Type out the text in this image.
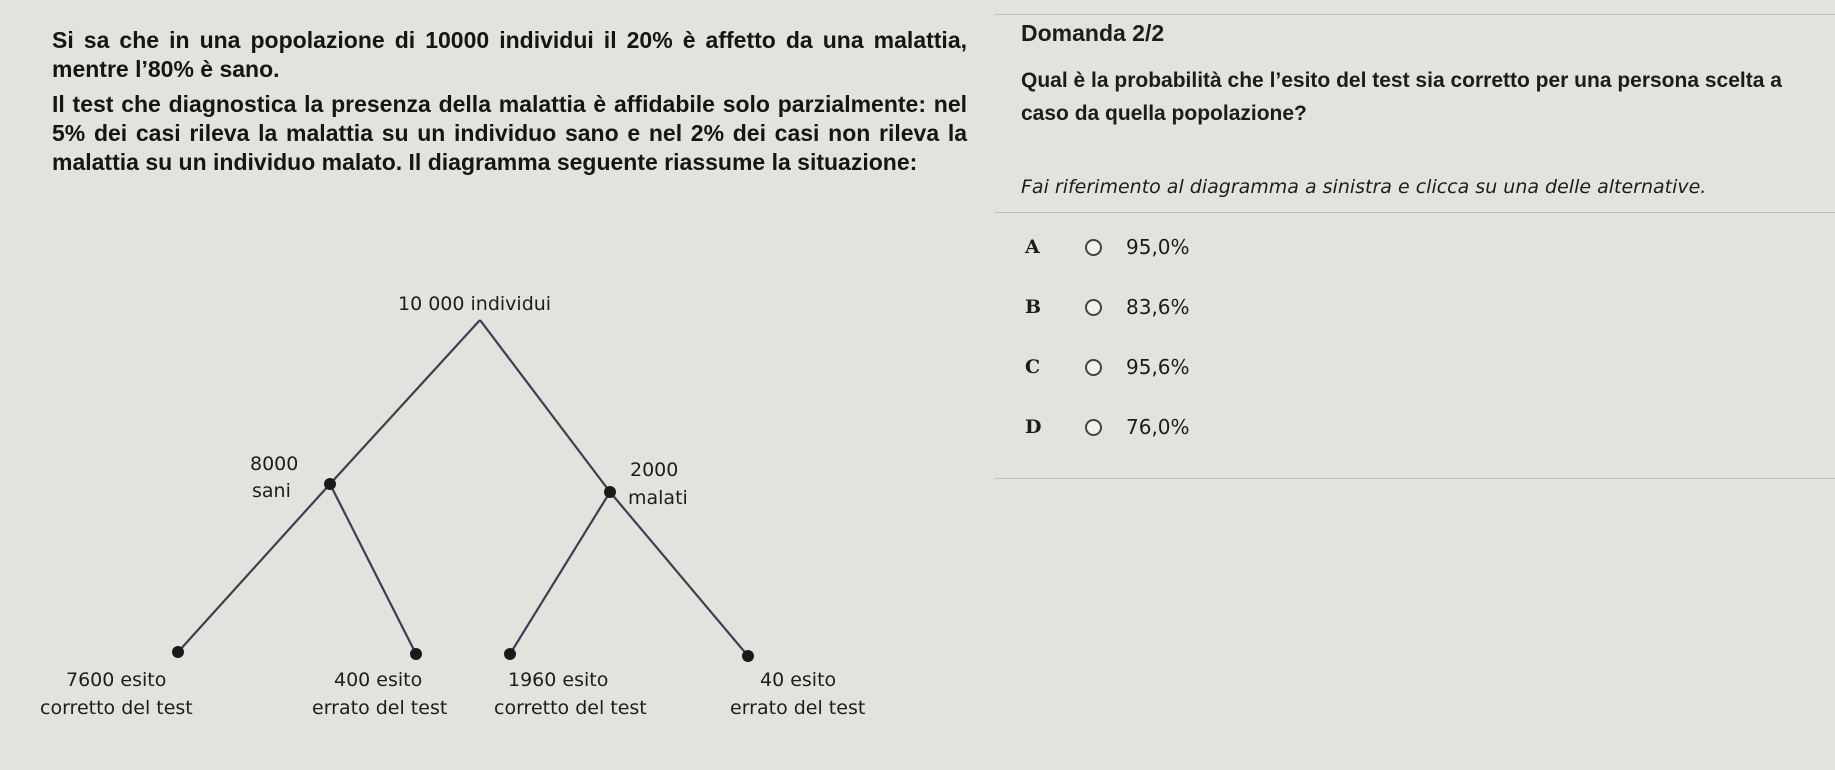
Si sa che in una popolazione di 10000 individui il 20% è affetto da una malattia, mentre l’80% è sano.

Il test che diagnostica la presenza della malattia è affidabile solo parzialmente: nel 5% dei casi rileva la malattia su un individuo sano e nel 2% dei casi non rileva la malattia su un individuo malato. Il diagramma seguente riassume la situazione:

10 000 individui
8000
sani
2000
malati
7600 esito
corretto del test
400 esito
errato del test
1960 esito
corretto del test
40 esito
errato del test
Domanda 2/2
Qual è la probabilità che l’esito del test sia corretto per una persona scelta a
caso da quella popolazione?
Fai riferimento al diagramma a sinistra e clicca su una delle alternative.
A	95,0%
B	83,6%
C	95,6%
D	76,0%
